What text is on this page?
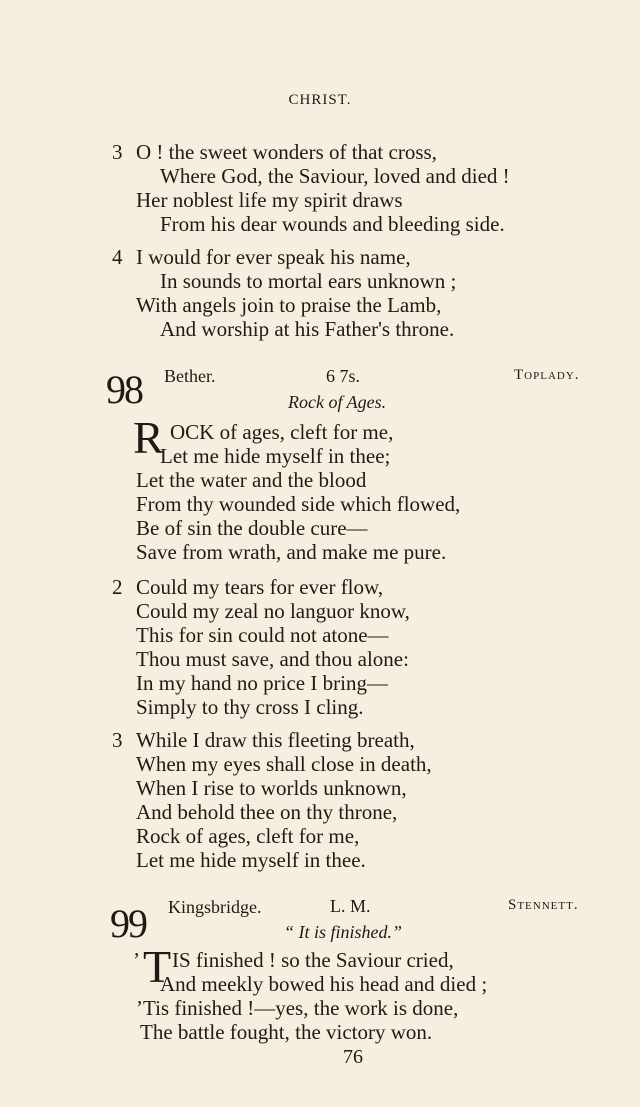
CHRIST.
3 O ! the sweet wonders of that cross,
Where God, the Saviour, loved and died !
Her noblest life my spirit draws
From his dear wounds and bleeding side.
4 I would for ever speak his name,
In sounds to mortal ears unknown ;
With angels join to praise the Lamb,
And worship at his Father's throne.
98 Bether.	6 7s.	Toplady.
Rock of Ages.
R OCK of ages, cleft for me,
Let me hide myself in thee;
Let the water and the blood
From thy wounded side which flowed,
Be of sin the double cure—
Save from wrath, and make me pure.
2 Could my tears for ever flow,
Could my zeal no languor know,
This for sin could not atone—
Thou must save, and thou alone:
In my hand no price I bring—
Simply to thy cross I cling.
3 While I draw this fleeting breath,
When my eyes shall close in death,
When I rise to worlds unknown,
And behold thee on thy throne,
Rock of ages, cleft for me,
Let me hide myself in thee.
99 Kingsbridge.	L. M.	Stennett.
“ It is finished.”
’ T IS finished ! so the Saviour cried,
And meekly bowed his head and died ;
’Tis finished !—yes, the work is done,
The battle fought, the victory won.
76
